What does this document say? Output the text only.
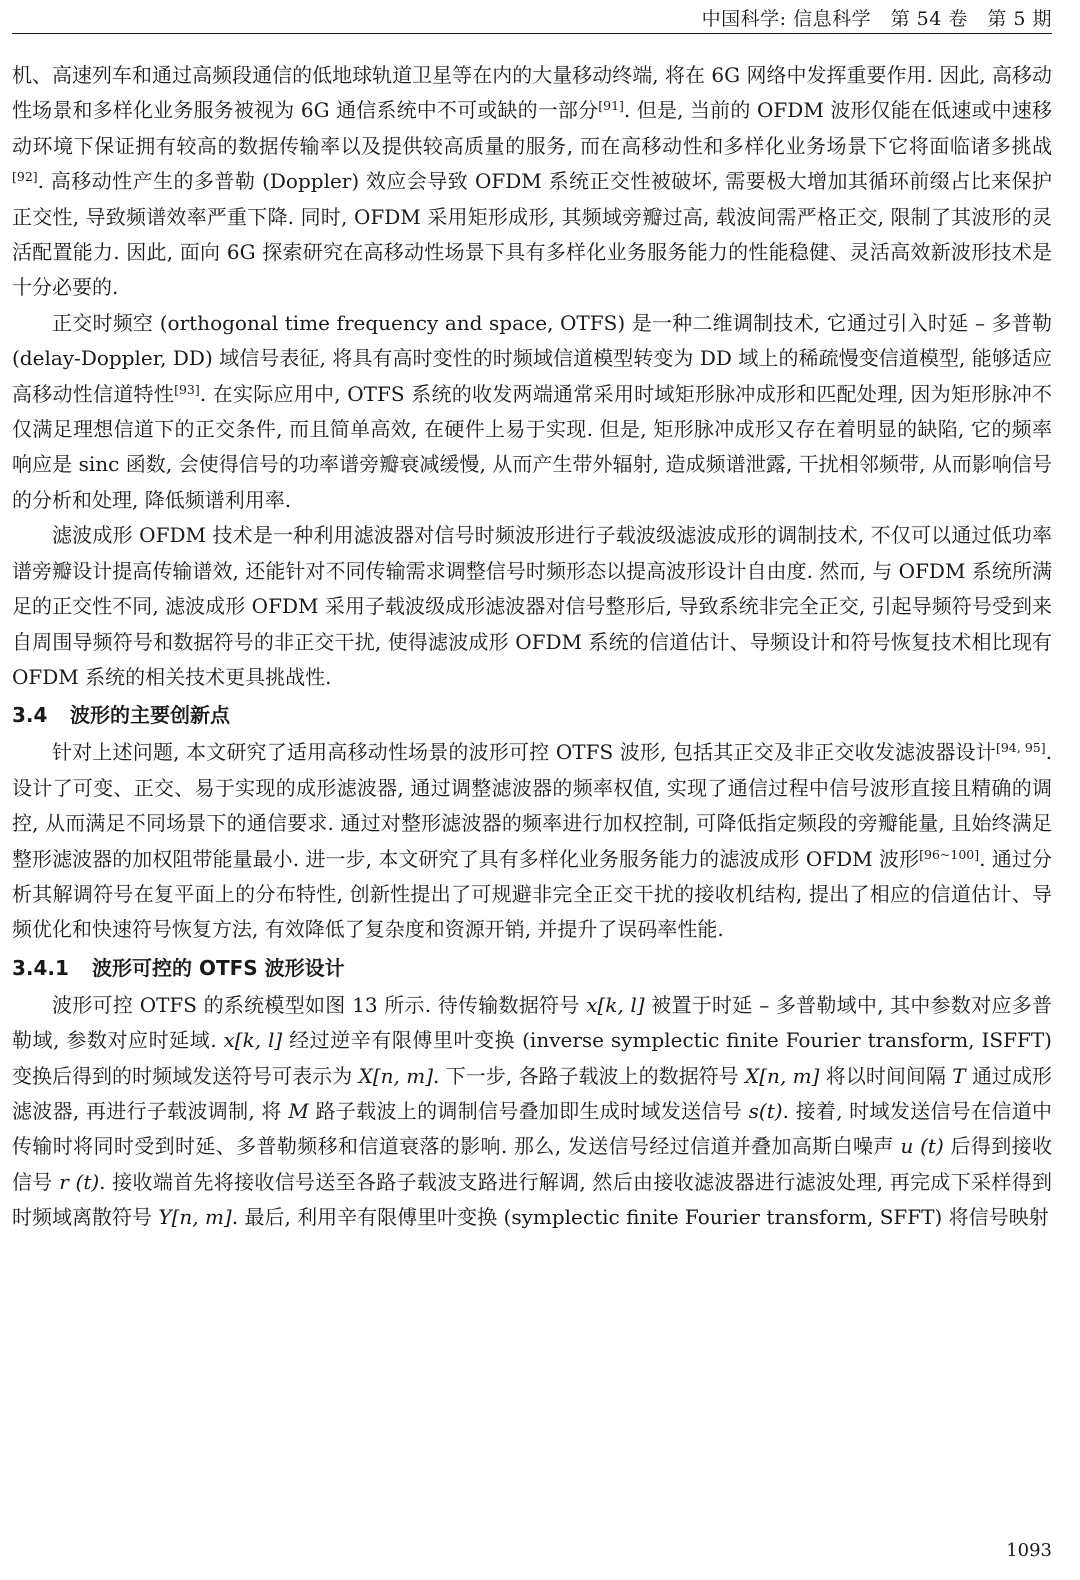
中国科学: 信息科学　第 54 卷　第 5 期

机、高速列车和通过高频段通信的低地球轨道卫星等在内的大量移动终端, 将在 6G 网络中发挥重要作用. 因此, 高移动性场景和多样化业务服务被视为 6G 通信系统中不可或缺的一部分[91]. 但是, 当前的 OFDM 波形仅能在低速或中速移动环境下保证拥有较高的数据传输率以及提供较高质量的服务, 而在高移动性和多样化业务场景下它将面临诸多挑战[92]. 高移动性产生的多普勒 (Doppler) 效应会导致 OFDM 系统正交性被破坏, 需要极大增加其循环前缀占比来保护正交性, 导致频谱效率严重下降. 同时, OFDM 采用矩形成形, 其频域旁瓣过高, 载波间需严格正交, 限制了其波形的灵活配置能力. 因此, 面向 6G 探索研究在高移动性场景下具有多样化业务服务能力的性能稳健、灵活高效新波形技术是十分必要的.

正交时频空 (orthogonal time frequency and space, OTFS) 是一种二维调制技术, 它通过引入时延 – 多普勒 (delay-Doppler, DD) 域信号表征, 将具有高时变性的时频域信道模型转变为 DD 域上的稀疏慢变信道模型, 能够适应高移动性信道特性[93]. 在实际应用中, OTFS 系统的收发两端通常采用时域矩形脉冲成形和匹配处理, 因为矩形脉冲不仅满足理想信道下的正交条件, 而且简单高效, 在硬件上易于实现. 但是, 矩形脉冲成形又存在着明显的缺陷, 它的频率响应是 sinc 函数, 会使得信号的功率谱旁瓣衰减缓慢, 从而产生带外辐射, 造成频谱泄露, 干扰相邻频带, 从而影响信号的分析和处理, 降低频谱利用率.

滤波成形 OFDM 技术是一种利用滤波器对信号时频波形进行子载波级滤波成形的调制技术, 不仅可以通过低功率谱旁瓣设计提高传输谱效, 还能针对不同传输需求调整信号时频形态以提高波形设计自由度. 然而, 与 OFDM 系统所满足的正交性不同, 滤波成形 OFDM 采用子载波级成形滤波器对信号整形后, 导致系统非完全正交, 引起导频符号受到来自周围导频符号和数据符号的非正交干扰, 使得滤波成形 OFDM 系统的信道估计、导频设计和符号恢复技术相比现有 OFDM 系统的相关技术更具挑战性.

3.4 波形的主要创新点

针对上述问题, 本文研究了适用高移动性场景的波形可控 OTFS 波形, 包括其正交及非正交收发滤波器设计[94, 95]. 设计了可变、正交、易于实现的成形滤波器, 通过调整滤波器的频率权值, 实现了通信过程中信号波形直接且精确的调控, 从而满足不同场景下的通信要求. 通过对整形滤波器的频率进行加权控制, 可降低指定频段的旁瓣能量, 且始终满足整形滤波器的加权阻带能量最小. 进一步, 本文研究了具有多样化业务服务能力的滤波成形 OFDM 波形[96~100]. 通过分析其解调符号在复平面上的分布特性, 创新性提出了可规避非完全正交干扰的接收机结构, 提出了相应的信道估计、导频优化和快速符号恢复方法, 有效降低了复杂度和资源开销, 并提升了误码率性能.

3.4.1 波形可控的 OTFS 波形设计

波形可控 OTFS 的系统模型如图 13 所示. 待传输数据符号 x[k, l] 被置于时延 – 多普勒域中, 其中参数对应多普勒域, 参数对应时延域. x[k, l] 经过逆辛有限傅里叶变换 (inverse symplectic finite Fourier transform, ISFFT) 变换后得到的时频域发送符号可表示为 X[n, m]. 下一步, 各路子载波上的数据符号 X[n, m] 将以时间间隔 T 通过成形滤波器, 再进行子载波调制, 将 M 路子载波上的调制信号叠加即生成时域发送信号 s(t). 接着, 时域发送信号在信道中传输时将同时受到时延、多普勒频移和信道衰落的影响. 那么, 发送信号经过信道并叠加高斯白噪声 u (t) 后得到接收信号 r (t). 接收端首先将接收信号送至各路子载波支路进行解调, 然后由接收滤波器进行滤波处理, 再完成下采样得到时频域离散符号 Y[n, m]. 最后, 利用辛有限傅里叶变换 (symplectic finite Fourier transform, SFFT) 将信号映射

1093
